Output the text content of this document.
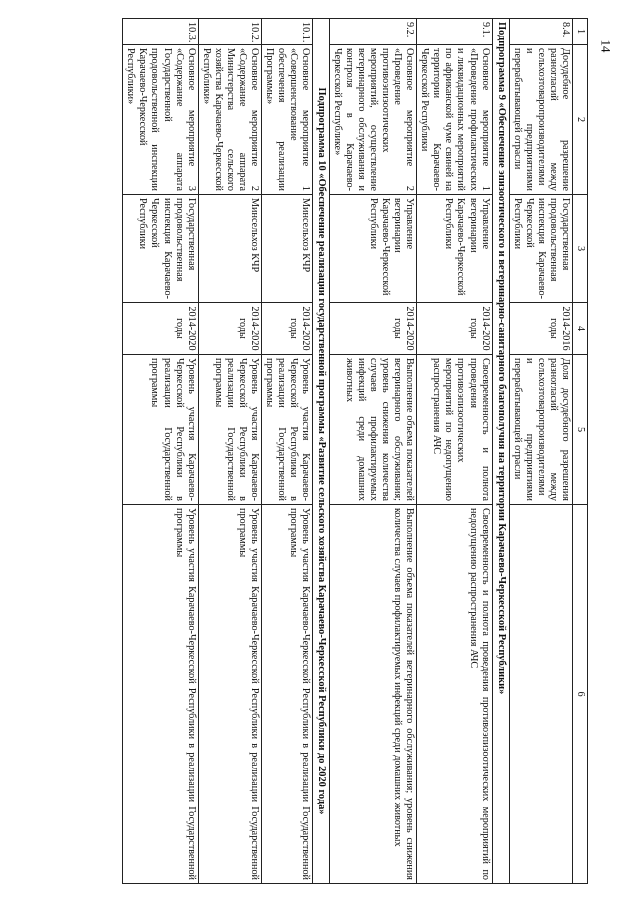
14
1	2	3	4	5	6
8.4.	Досудебное разрешение разногласий между сельхозтоваропроизводителями и предприятиями перерабатывающей отрасли	Государственная продовольственная инспекция Карачаево-Черкесской Республики	2014-2016 годы	Доля досудебного разрешения разногласий между сельхозтоваропроизводителями и предприятиями перерабатывающей отрасли	
Подпрограмма 9 «Обеспечение эпизоотического и ветеринарно-санитарного благополучия на территории Карачаево-Черкесской Республики»					
9.1.	Основное мероприятие 1 «Проведение профилактических и ликвидационных мероприятий по африканской чуме свиней на территории Карачаево-Черкесской Республики	Управление ветеринарии Карачаево-Черкесской Республики	2014-2020 годы	Своевременность и полнота проведения противоэпизоотических мероприятий по недопущению распространения АЧС	Своевременность и полнота проведения противоэпизоотических мероприятий по недопущению распространения АЧС
9.2.	Основное мероприятие 2 «Проведение противоэпизоотических мероприятий, осуществление ветеринарного обслуживания и контроля в Карачаево-Черкесской Республике»	Управление ветеринарии Карачаево-Черкесской Республики	2014-2020 годы	Выполнение объема показателей ветеринарного обслуживания; уровень снижения количества случаев профилактируемых инфекций среди домашних животных	Выполнение объема показателей ветеринарного обслуживания; уровень снижения количества случаев профилактируемых инфекций среди домашних животных
Подпрограмма 10 «Обеспечение реализации государственной программы «Развитие сельского хозяйства Карачаево-Черкесской Республики до 2020 года»					
10.1.	Основное мероприятие 1 «Совершенствование обеспечения реализации Программы»	Минсельхоз КЧР	2014-2020 годы	Уровень участия Карачаево-Черкесской Республики в реализации Государственной программы	Уровень участия Карачаево-Черкесской Республики в реализации Государственной программы
10.2.	Основное мероприятие 2 «Содержание аппарата Министерства сельского хозяйства Карачаево-Черкесской Республики»	Минсельхоз КЧР	2014-2020 годы	Уровень участия Карачаево-Черкесской Республики в реализации Государственной программы	Уровень участия Карачаево-Черкесской Республики в реализации Государственной программы
10.3.	Основное мероприятие 3 «Содержание аппарата Государственной продовольственной инспекции Карачаево-Черкесской Республики»	Государственная продовольственная инспекция Карачаево-Черкесской Республики	2014-2020 годы	Уровень участия Карачаево-Черкесской Республики в реализации Государственной программы	Уровень участия Карачаево-Черкесской Республики в реализации Государственной программы
